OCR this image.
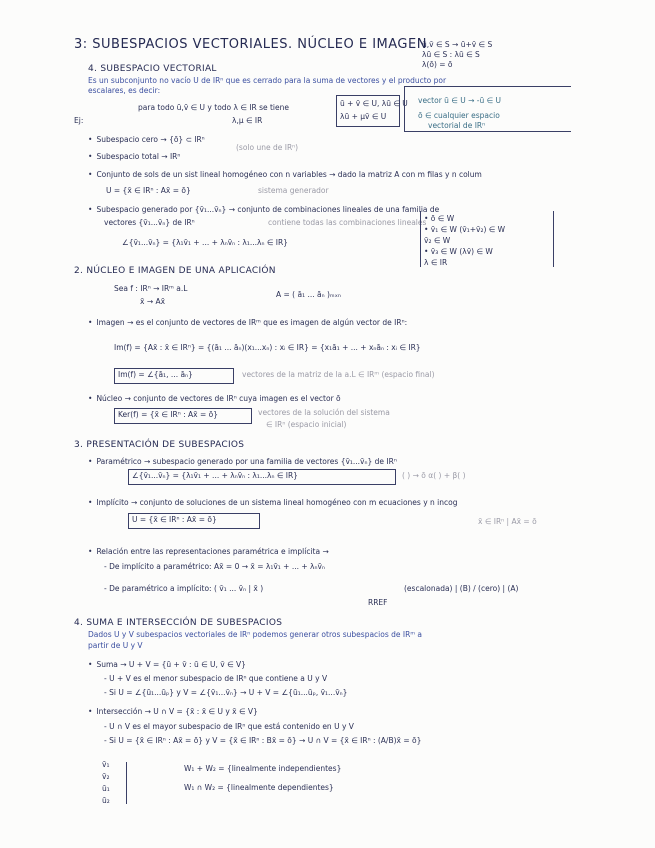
3: SUBESPACIOS VECTORIALES. NÚCLEO E IMAGEN
ū,v̄ ∈ S → ū+v̄ ∈ S
λū ∈ S : λū ∈ S
λ(ō) = ō
4. SUBESPACIO VECTORIAL
Es un subconjunto no vacío U de IRⁿ que es cerrado para la suma de vectores y el producto por
escalares, es decir:
para todo ū,v̄ ∈ U y todo λ ∈ IR se tiene	ū + v̄ ∈ U, λū ∈ U
λū + μv̄ ∈ U
λ,μ ∈ IR
vector ū ∈ U → -ū ∈ U
ō ∈ cualquier espacio
vectorial de IRⁿ
Ej:
• Subespacio cero → {ō} ⊂ IRⁿ
(solo une de IRⁿ)
• Subespacio total → IRⁿ
• Conjunto de sols de un sist lineal homogéneo con n variables → dado la matriz A con m filas y n colum
U = {x̄ ∈ IRⁿ : Ax̄ = ō}	sistema generador
• Subespacio generado por {v̄₁...v̄ₙ} → conjunto de combinaciones lineales de una familia de
vectores {v̄₁...v̄ₙ} de IRⁿ	contiene todas las combinaciones lineales
∠{v̄₁...v̄ₙ} = {λ₁v̄₁ + ... + λₙv̄ₙ : λ₁...λₙ ∈ IR}
• ō ∈ W
• v̄₁ ∈ W (v̄₁+v̄₂) ∈ W
v̄₂ ∈ W
• v̄₃ ∈ W (λv̄) ∈ W
λ ∈ IR
2. NÚCLEO E IMAGEN DE UNA APLICACIÓN
Sea f : IRⁿ → IRᵐ a.L
x̄ → Ax̄
A = ( ā₁ ... āₙ )ₘₓₙ
• Imagen → es el conjunto de vectores de IRᵐ que es imagen de algún vector de IRⁿ:
Im(f) = {Ax̄ : x̄ ∈ IRⁿ} = {(ā₁ ... āₙ)(x₁...xₙ) : xᵢ ∈ IR} = {x₁ā₁ + ... + xₙāₙ : xᵢ ∈ IR}
Im(f) = ∠{ā₁, ... āₙ}	vectores de la matriz de la a.L ∈ IRᵐ (espacio final)
• Núcleo → conjunto de vectores de IRⁿ cuya imagen es el vector ō
Ker(f) = {x̄ ∈ IRⁿ : Ax̄ = ō}	vectores de la solución del sistema
∈ IRⁿ (espacio inicial)
3. PRESENTACIÓN DE SUBESPACIOS
• Paramétrico → subespacio generado por una familia de vectores {v̄₁...v̄ₙ} de IRⁿ
∠{v̄₁...v̄ₙ} = {λ₁v̄₁ + ... + λₙv̄ₙ : λ₁...λₙ ∈ IR}	( ) → ō α( ) + β( )
• Implícito → conjunto de soluciones de un sistema lineal homogéneo con m ecuaciones y n incog
U = {x̄ ∈ IRⁿ : Ax̄ = ō}	x̄ ∈ IRⁿ | Ax̄ = ō
• Relación entre las representaciones paramétrica e implícita →
- De implícito a paramétrico: Ax̄ = 0 → x̄ = λ₁v̄₁ + ... + λₙv̄ₙ
- De paramétrico a implícito: ( v̄₁ ... v̄ₙ | x̄ )
RREF
(escalonada) | (B) / (cero) | (A)
4. SUMA E INTERSECCIÓN DE SUBESPACIOS
Dados U y V subespacios vectoriales de IRⁿ podemos generar otros subespacios de IRᵐ a
partir de U y V
• Suma → U + V = {ū + v̄ : ū ∈ U, v̄ ∈ V}
- U + V es el menor subespacio de IRⁿ que contiene a U y V
- Si U = ∠{ū₁...ūₚ} y V = ∠{v̄₁...v̄ₙ} → U + V = ∠{ū₁...ūₚ, v̄₁...v̄ₙ}
• Intersección → U ∩ V = {x̄ : x̄ ∈ U y x̄ ∈ V}
- U ∩ V es el mayor subespacio de IRⁿ que está contenido en U y V
- Si U = {x̄ ∈ IRⁿ : Ax̄ = ō} y V = {x̄ ∈ IRⁿ : Bx̄ = ō} → U ∩ V = {x̄ ∈ IRⁿ : (A/B)x̄ = ō}
v̄₁
v̄₂
ū₁
ū₂
W₁ + W₂ = {linealmente independientes}
W₁ ∩ W₂ = {linealmente dependientes}
